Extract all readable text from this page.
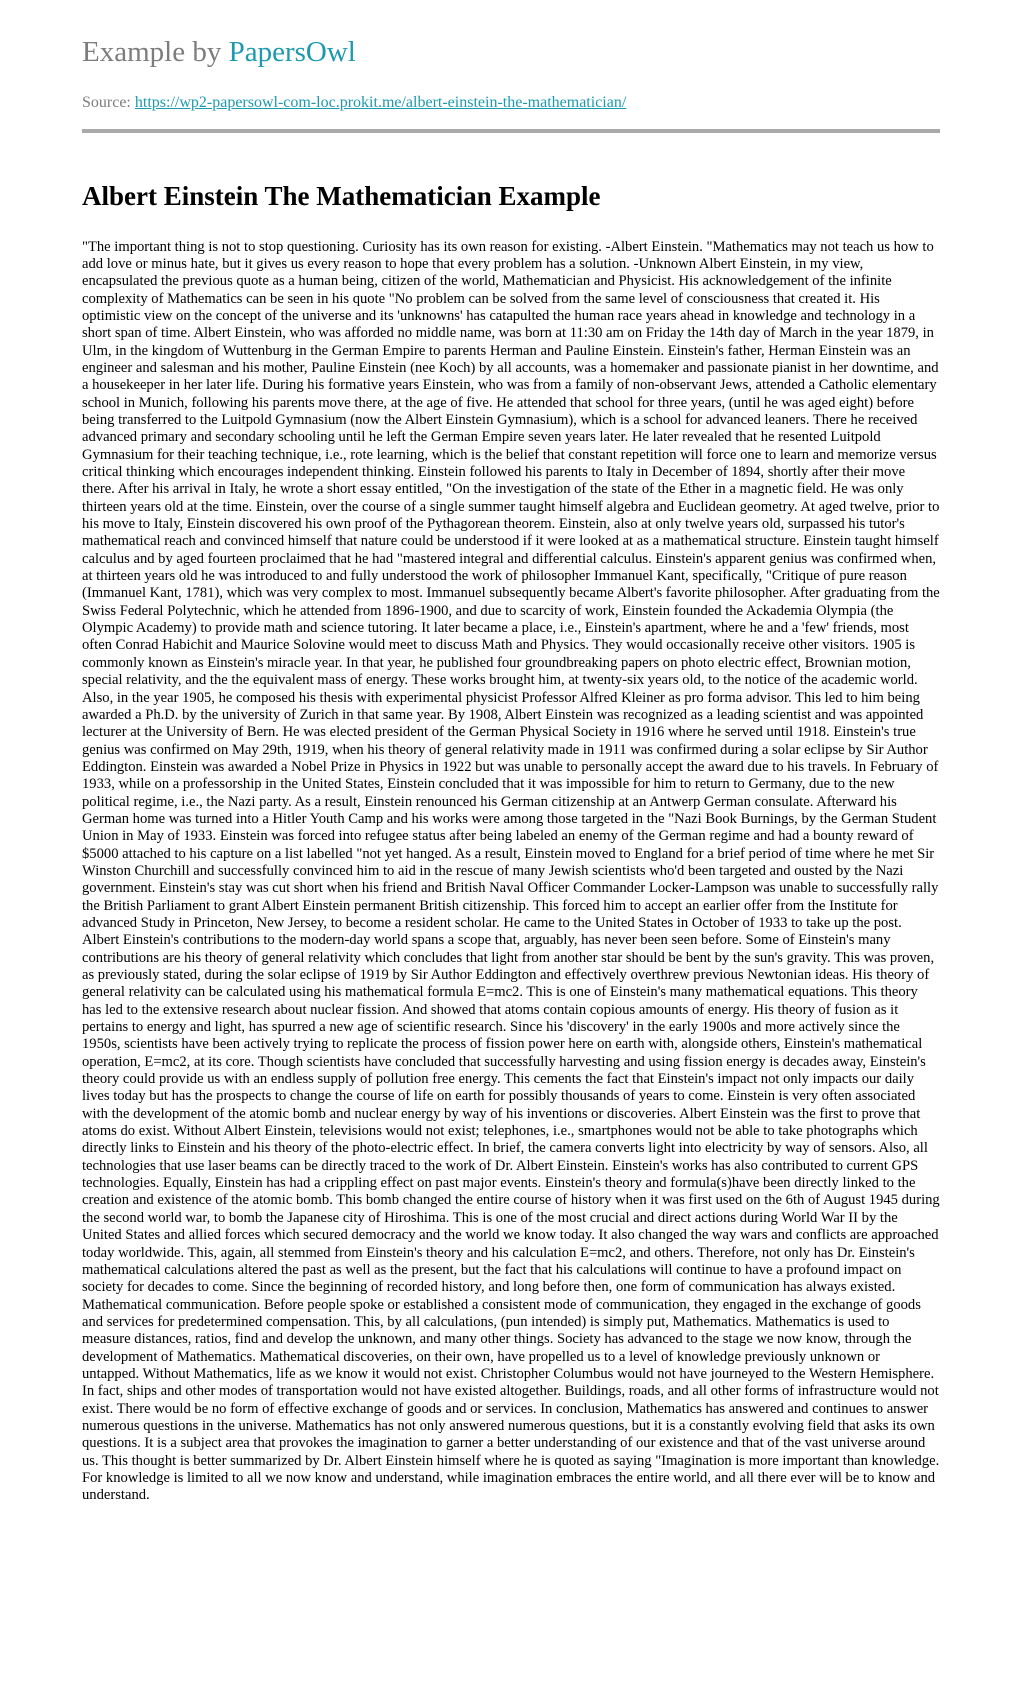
Example by PapersOwl
Source: https://wp2-papersowl-com-loc.prokit.me/albert-einstein-the-mathematician/
Albert Einstein The Mathematician Example

"The important thing is not to stop questioning. Curiosity has its own reason for existing. -Albert Einstein. "Mathematics may not teach us how to add love or minus hate, but it gives us every reason to hope that every problem has a solution. -Unknown Albert Einstein, in my view, encapsulated the previous quote as a human being, citizen of the world, Mathematician and Physicist. His acknowledgement of the infinite complexity of Mathematics can be seen in his quote "No problem can be solved from the same level of consciousness that created it. His optimistic view on the concept of the universe and its 'unknowns' has catapulted the human race years ahead in knowledge and technology in a short span of time. Albert Einstein, who was afforded no middle name, was born at 11:30 am on Friday the 14th day of March in the year 1879, in Ulm, in the kingdom of Wuttenburg in the German Empire to parents Herman and Pauline Einstein. Einstein's father, Herman Einstein was an engineer and salesman and his mother, Pauline Einstein (nee Koch) by all accounts, was a homemaker and passionate pianist in her downtime, and a housekeeper in her later life. During his formative years Einstein, who was from a family of non-observant Jews, attended a Catholic elementary school in Munich, following his parents move there, at the age of five. He attended that school for three years, (until he was aged eight) before being transferred to the Luitpold Gymnasium (now the Albert Einstein Gymnasium), which is a school for advanced leaners. There he received advanced primary and secondary schooling until he left the German Empire seven years later. He later revealed that he resented Luitpold Gymnasium for their teaching technique, i.e., rote learning, which is the belief that constant repetition will force one to learn and memorize versus critical thinking which encourages independent thinking. Einstein followed his parents to Italy in December of 1894, shortly after their move there. After his arrival in Italy, he wrote a short essay entitled, "On the investigation of the state of the Ether in a magnetic field. He was only thirteen years old at the time. Einstein, over the course of a single summer taught himself algebra and Euclidean geometry. At aged twelve, prior to his move to Italy, Einstein discovered his own proof of the Pythagorean theorem. Einstein, also at only twelve years old, surpassed his tutor's mathematical reach and convinced himself that nature could be understood if it were looked at as a mathematical structure. Einstein taught himself calculus and by aged fourteen proclaimed that he had "mastered integral and differential calculus. Einstein's apparent genius was confirmed when, at thirteen years old he was introduced to and fully understood the work of philosopher Immanuel Kant, specifically, "Critique of pure reason (Immanuel Kant, 1781), which was very complex to most. Immanuel subsequently became Albert's favorite philosopher. After graduating from the Swiss Federal Polytechnic, which he attended from 1896-1900, and due to scarcity of work, Einstein founded the Ackademia Olympia (the Olympic Academy) to provide math and science tutoring. It later became a place, i.e., Einstein's apartment, where he and a 'few' friends, most often Conrad Habichit and Maurice Solovine would meet to discuss Math and Physics. They would occasionally receive other visitors. 1905 is commonly known as Einstein's miracle year. In that year, he published four groundbreaking papers on photo electric effect, Brownian motion, special relativity, and the the equivalent mass of energy. These works brought him, at twenty-six years old, to the notice of the academic world. Also, in the year 1905, he composed his thesis with experimental physicist Professor Alfred Kleiner as pro forma advisor. This led to him being awarded a Ph.D. by the university of Zurich in that same year. By 1908, Albert Einstein was recognized as a leading scientist and was appointed lecturer at the University of Bern. He was elected president of the German Physical Society in 1916 where he served until 1918. Einstein's true genius was confirmed on May 29th, 1919, when his theory of general relativity made in 1911 was confirmed during a solar eclipse by Sir Author Eddington. Einstein was awarded a Nobel Prize in Physics in 1922 but was unable to personally accept the award due to his travels. In February of 1933, while on a professorship in the United States, Einstein concluded that it was impossible for him to return to Germany, due to the new political regime, i.e., the Nazi party. As a result, Einstein renounced his German citizenship at an Antwerp German consulate. Afterward his German home was turned into a Hitler Youth Camp and his works were among those targeted in the "Nazi Book Burnings, by the German Student Union in May of 1933. Einstein was forced into refugee status after being labeled an enemy of the German regime and had a bounty reward of $5000 attached to his capture on a list labelled "not yet hanged. As a result, Einstein moved to England for a brief period of time where he met Sir Winston Churchill and successfully convinced him to aid in the rescue of many Jewish scientists who'd been targeted and ousted by the Nazi government. Einstein's stay was cut short when his friend and British Naval Officer Commander Locker-Lampson was unable to successfully rally the British Parliament to grant Albert Einstein permanent British citizenship. This forced him to accept an earlier offer from the Institute for advanced Study in Princeton, New Jersey, to become a resident scholar. He came to the United States in October of 1933 to take up the post. Albert Einstein's contributions to the modern-day world spans a scope that, arguably, has never been seen before. Some of Einstein's many contributions are his theory of general relativity which concludes that light from another star should be bent by the sun's gravity. This was proven, as previously stated, during the solar eclipse of 1919 by Sir Author Eddington and effectively overthrew previous Newtonian ideas. His theory of general relativity can be calculated using his mathematical formula E=mc2. This is one of Einstein's many mathematical equations. This theory has led to the extensive research about nuclear fission. And showed that atoms contain copious amounts of energy. His theory of fusion as it pertains to energy and light, has spurred a new age of scientific research. Since his 'discovery' in the early 1900s and more actively since the 1950s, scientists have been actively trying to replicate the process of fission power here on earth with, alongside others, Einstein's mathematical operation, E=mc2, at its core. Though scientists have concluded that successfully harvesting and using fission energy is decades away, Einstein's theory could provide us with an endless supply of pollution free energy. This cements the fact that Einstein's impact not only impacts our daily lives today but has the prospects to change the course of life on earth for possibly thousands of years to come. Einstein is very often associated with the development of the atomic bomb and nuclear energy by way of his inventions or discoveries. Albert Einstein was the first to prove that atoms do exist. Without Albert Einstein, televisions would not exist; telephones, i.e., smartphones would not be able to take photographs which directly links to Einstein and his theory of the photo-electric effect. In brief, the camera converts light into electricity by way of sensors. Also, all technologies that use laser beams can be directly traced to the work of Dr. Albert Einstein. Einstein's works has also contributed to current GPS technologies. Equally, Einstein has had a crippling effect on past major events. Einstein's theory and formula(s)have been directly linked to the creation and existence of the atomic bomb. This bomb changed the entire course of history when it was first used on the 6th of August 1945 during the second world war, to bomb the Japanese city of Hiroshima. This is one of the most crucial and direct actions during World War II by the United States and allied forces which secured democracy and the world we know today. It also changed the way wars and conflicts are approached today worldwide. This, again, all stemmed from Einstein's theory and his calculation E=mc2, and others. Therefore, not only has Dr. Einstein's mathematical calculations altered the past as well as the present, but the fact that his calculations will continue to have a profound impact on society for decades to come. Since the beginning of recorded history, and long before then, one form of communication has always existed. Mathematical communication. Before people spoke or established a consistent mode of communication, they engaged in the exchange of goods and services for predetermined compensation. This, by all calculations, (pun intended) is simply put, Mathematics. Mathematics is used to measure distances, ratios, find and develop the unknown, and many other things. Society has advanced to the stage we now know, through the development of Mathematics. Mathematical discoveries, on their own, have propelled us to a level of knowledge previously unknown or untapped. Without Mathematics, life as we know it would not exist. Christopher Columbus would not have journeyed to the Western Hemisphere. In fact, ships and other modes of transportation would not have existed altogether. Buildings, roads, and all other forms of infrastructure would not exist. There would be no form of effective exchange of goods and or services. In conclusion, Mathematics has answered and continues to answer numerous questions in the universe. Mathematics has not only answered numerous questions, but it is a constantly evolving field that asks its own questions. It is a subject area that provokes the imagination to garner a better understanding of our existence and that of the vast universe around us. This thought is better summarized by Dr. Albert Einstein himself where he is quoted as saying "Imagination is more important than knowledge. For knowledge is limited to all we now know and understand, while imagination embraces the entire world, and all there ever will be to know and understand.
